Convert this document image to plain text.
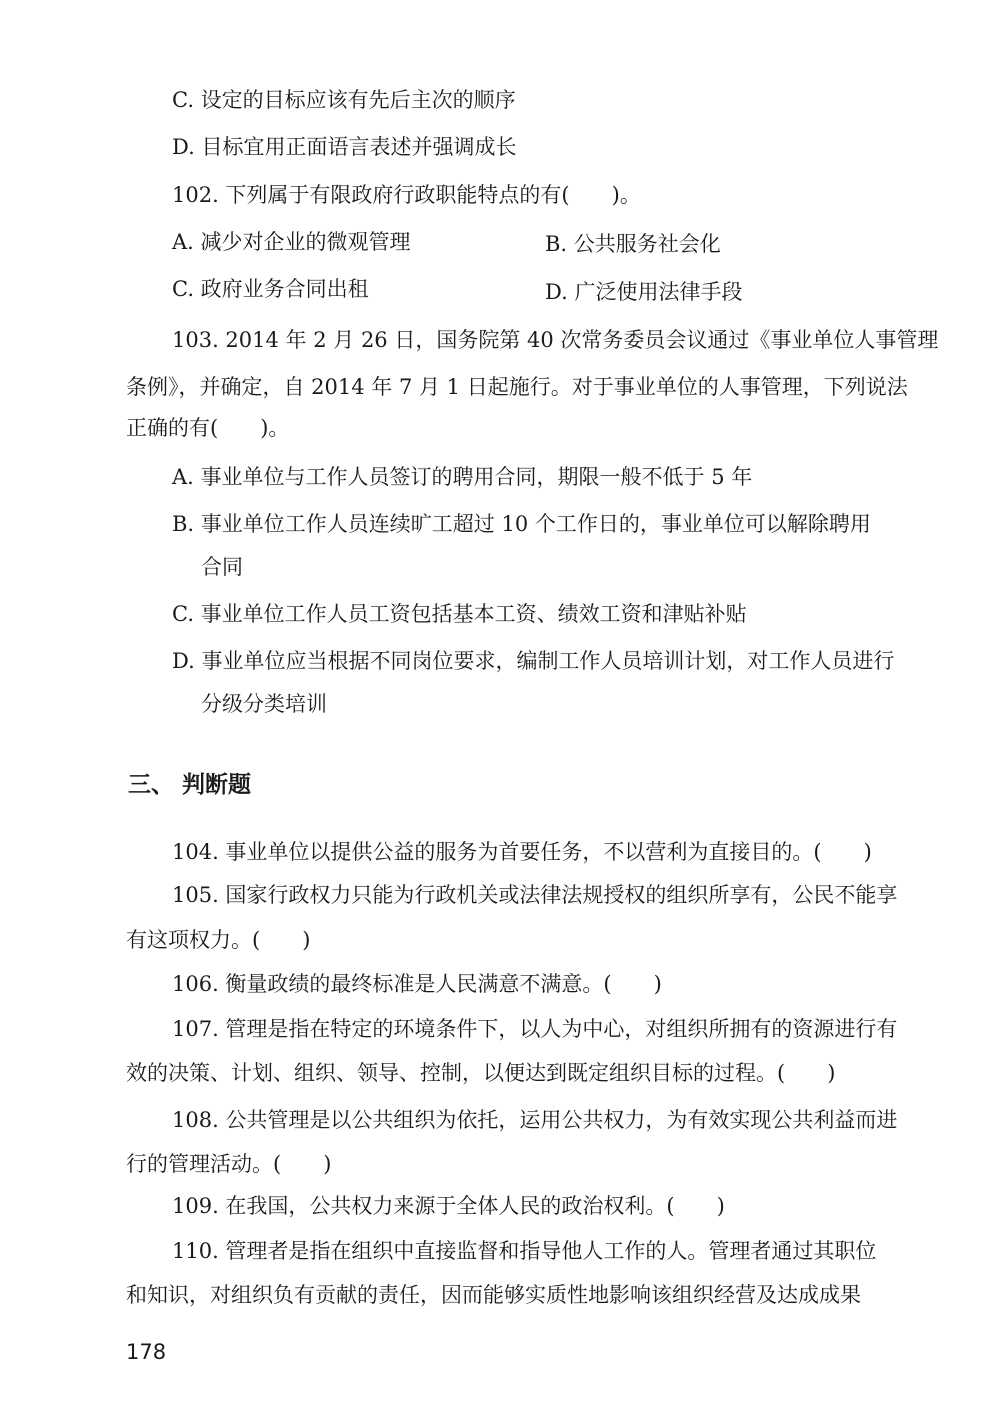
C. 设定的目标应该有先后主次的顺序
D. 目标宜用正面语言表述并强调成长
102. 下列属于有限政府行政职能特点的有(　　)。
A. 减少对企业的微观管理	B. 公共服务社会化
C. 政府业务合同出租	D. 广泛使用法律手段
103. 2014 年 2 月 26 日，国务院第 40 次常务委员会议通过《事业单位人事管理
条例》，并确定，自 2014 年 7 月 1 日起施行。对于事业单位的人事管理，下列说法
正确的有(　　)。
A. 事业单位与工作人员签订的聘用合同，期限一般不低于 5 年
B. 事业单位工作人员连续旷工超过 10 个工作日的，事业单位可以解除聘用
合同
C. 事业单位工作人员工资包括基本工资、绩效工资和津贴补贴
D. 事业单位应当根据不同岗位要求，编制工作人员培训计划，对工作人员进行
分级分类培训
三、 判断题
104. 事业单位以提供公益的服务为首要任务，不以营利为直接目的。(　　)
105. 国家行政权力只能为行政机关或法律法规授权的组织所享有，公民不能享
有这项权力。(　　)
106. 衡量政绩的最终标准是人民满意不满意。(　　)
107. 管理是指在特定的环境条件下，以人为中心，对组织所拥有的资源进行有
效的决策、计划、组织、领导、控制，以便达到既定组织目标的过程。(　　)
108. 公共管理是以公共组织为依托，运用公共权力，为有效实现公共利益而进
行的管理活动。(　　)
109. 在我国，公共权力来源于全体人民的政治权利。(　　)
110. 管理者是指在组织中直接监督和指导他人工作的人。管理者通过其职位
和知识，对组织负有贡献的责任，因而能够实质性地影响该组织经营及达成成果
178
